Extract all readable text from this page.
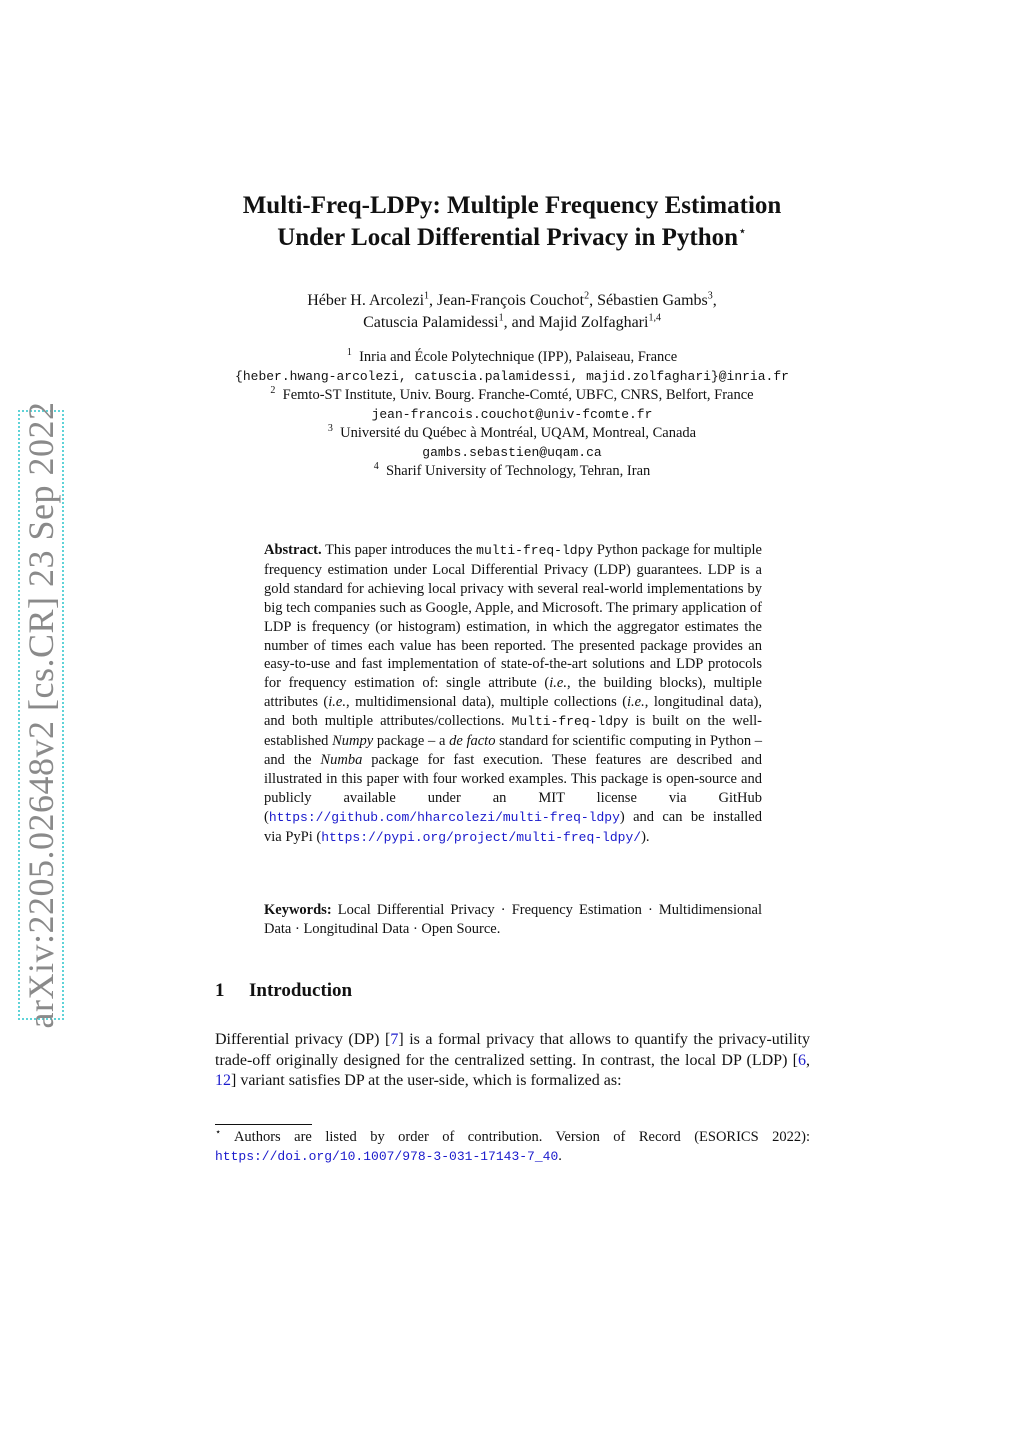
arXiv:2205.02648v2 [cs.CR] 23 Sep 2022
Multi-Freq-LDPy: Multiple Frequency Estimation
Under Local Differential Privacy in Python⋆
Héber H. Arcolezi$^1$, Jean-François Couchot$^2$, Sébastien Gambs$^3$,
Catuscia Palamidessi$^1$, and Majid Zolfaghari$^{1,4}$
$^1$ Inria and École Polytechnique (IPP), Palaiseau, France
{heber.hwang-arcolezi, catuscia.palamidessi, majid.zolfaghari}@inria.fr
$^2$ Femto-ST Institute, Univ. Bourg. Franche-Comté, UBFC, CNRS, Belfort, France
jean-francois.couchot@univ-fcomte.fr
$^3$ Université du Québec à Montréal, UQAM, Montreal, Canada
gambs.sebastien@uqam.ca
$^4$ Sharif University of Technology, Tehran, Iran
Abstract. This paper introduces the multi-freq-ldpy Python package for multiple frequency estimation under Local Differential Privacy (LDP) guarantees. LDP is a gold standard for achieving local privacy with several real-world implementations by big tech companies such as Google, Apple, and Microsoft. The primary application of LDP is frequency (or histogram) estimation, in which the aggregator estimates the number of times each value has been reported. The presented package provides an easy-to-use and fast implementation of state-of-the-art solutions and LDP protocols for frequency estimation of: single attribute (i.e., the building blocks), multiple attributes (i.e., multidimensional data), multiple collections (i.e., longitudinal data), and both multiple attributes/collections. Multi-freq-ldpy is built on the well-established Numpy package – a de facto standard for scientific computing in Python – and the Numba package for fast execution. These features are described and illustrated in this paper with four worked examples. This package is open-source and publicly available under an MIT license via GitHub (https://github.com/hharcolezi/multi-freq-ldpy) and can be installed via PyPi (https://pypi.org/project/multi-freq-ldpy/).
Keywords: Local Differential Privacy · Frequency Estimation · Multidimensional Data · Longitudinal Data · Open Source.
1 Introduction
Differential privacy (DP) [7] is a formal privacy that allows to quantify the privacy-utility trade-off originally designed for the centralized setting. In contrast, the local DP (LDP) [6, 12] variant satisfies DP at the user-side, which is formalized as:
⋆ Authors are listed by order of contribution. Version of Record (ESORICS 2022): https://doi.org/10.1007/978-3-031-17143-7_40.
